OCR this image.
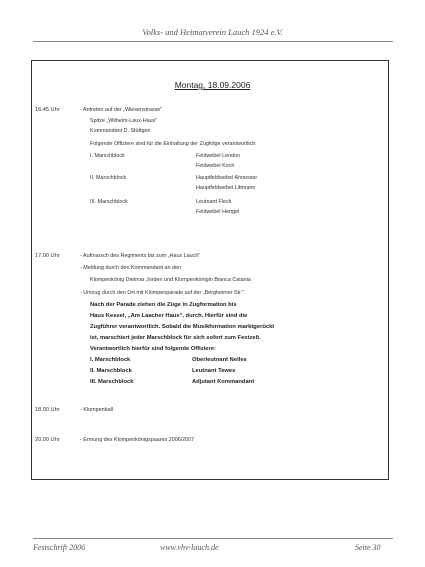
Volks- und Heimatverein Lauch 1924 e.V.
Montag, 18.09.2006
16.45 Uhr	- Antreten auf der „Wiesenstrasse"
Spitze „Wilhelm-Laux-Haus"
Kommandant D. Stüttgen
Folgende Offiziere sind für die Einhaltung der Zugfolge verantwortlich:
I. Marschblock	Feldwebel Lendon
Feldwebel Koch
II. Marschblock	Hauptfeldwebel Ahnesser
Hauptfeldwebel Littmann
III. Marschblock	Leutnant Fleck
Feldwebel Hengel
17.00 Uhr	- Aufmarsch des Regiments bis zum „Haus Lauch"
- Meldung durch den Kommandant an den
Klompenkönig Dietmar Jorden und Klompenkönigin Bianca Catania
- Umzug durch den Ort mit Klompenparade auf der „Bergheimer Str."
Nach der Parade ziehen die Züge in Zugformation bis
Haus Kessel, „Am Laacher Haus", durch. Hierfür sind die
Zugführer verantwortlich. Sobald die Musikformation marktgerückt
ist, marschiert jeder Marschblock für sich sofort zum Festzelt.
Verantwortlich hierfür sind folgende Offiziere:
I. Marschblock	Oberleutnant Nelles
II. Marschblock	Leutnant Tewes
III. Marschblock	Adjutant Kommandant
18.00 Uhr	- Klompenball
20.00 Uhr	- Ermung des Klompenkönigspaares 2006/2007
Festschrift 2006	www.vhv-lauch.de	Seite 30
